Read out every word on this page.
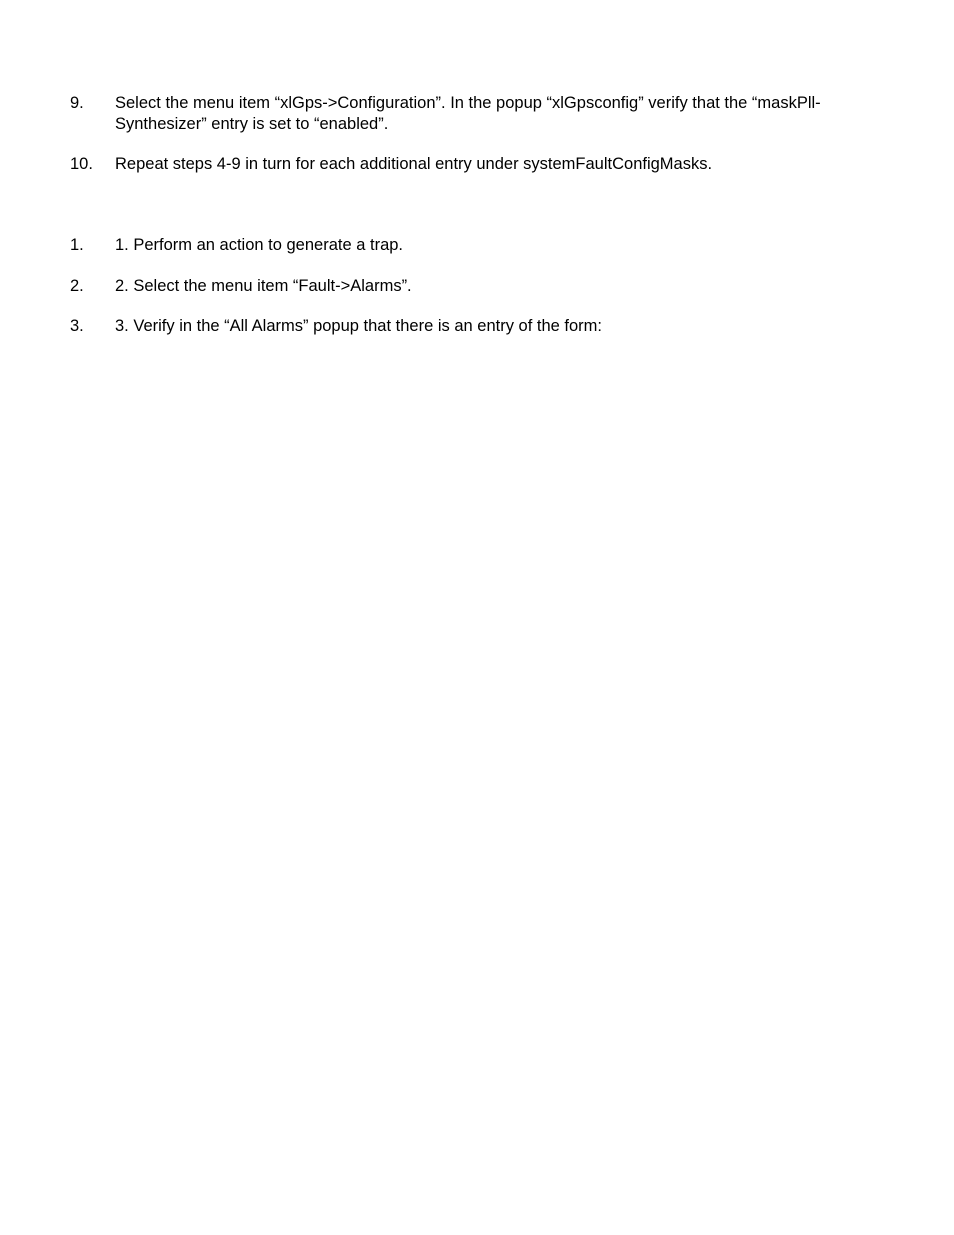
9.	Select the menu item “xlGps->Configuration”. In the popup “xlGpsconfig” verify that the “maskPll-Synthesizer” entry is set to “enabled”.
10.	Repeat steps 4-9 in turn for each additional entry under systemFaultConfigMasks.
1.	1. Perform an action to generate a trap.
2.	2. Select the menu item “Fault->Alarms”.
3.	3. Verify in the “All Alarms” popup that there is an entry of the form:
